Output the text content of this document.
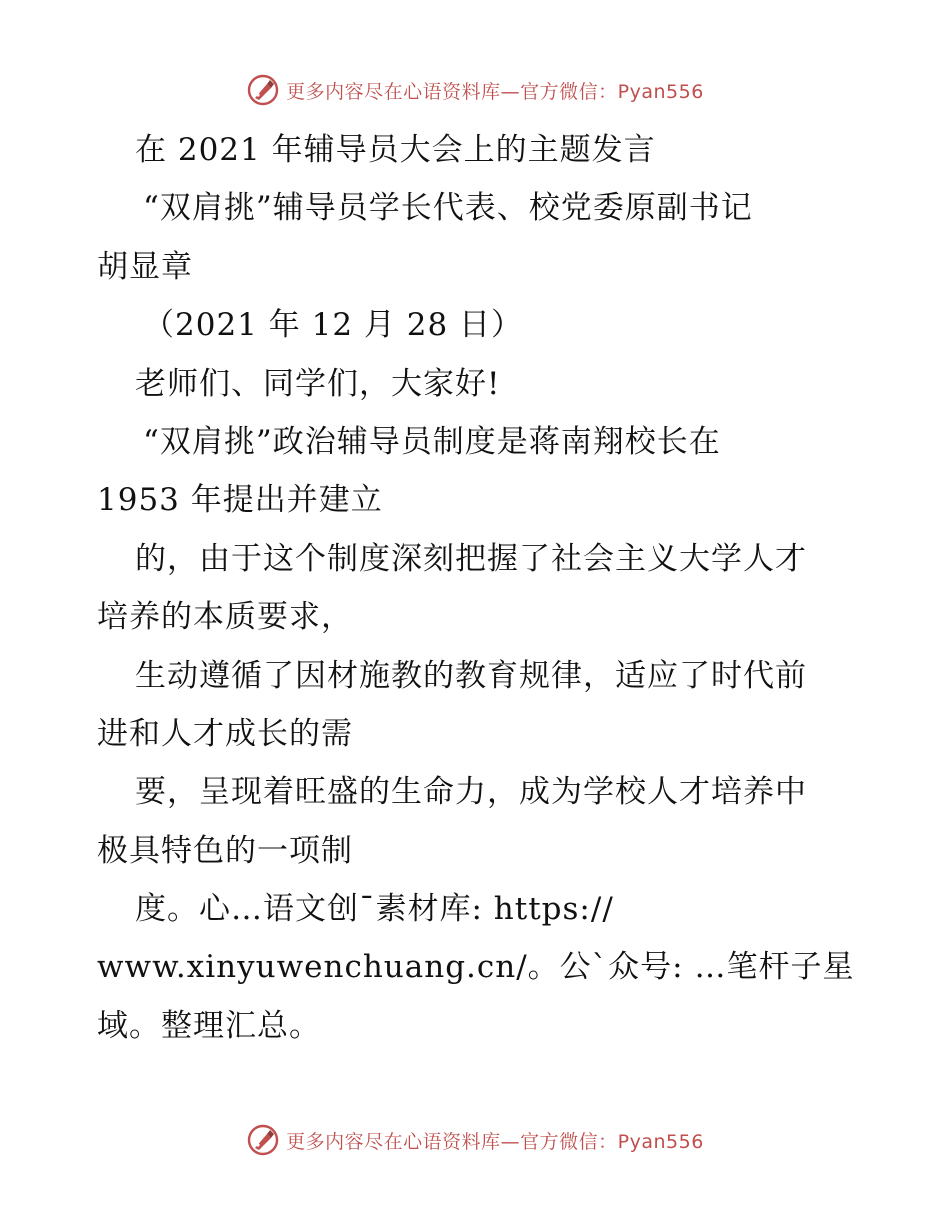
更多内容尽在心语资料库—官方微信：Pyan556
在 2021 年辅导员大会上的主题发言
“双肩挑”辅导员学长代表、校党委原副书记
胡显章
（2021 年 12 月 28 日）
老师们、同学们，大家好!
“双肩挑”政治辅导员制度是蒋南翔校长在
1953 年提出并建立
的，由于这个制度深刻把握了社会主义大学人才
培养的本质要求，
生动遵循了因材施教的教育规律，适应了时代前
进和人才成长的需
要，呈现着旺盛的生命力，成为学校人才培养中
极具特色的一项制
度。心…语文创¯素材库: https://
www.xinyuwenchuang.cn/。公`众号: …笔杆子星
域。整理汇总。
更多内容尽在心语资料库—官方微信：Pyan556
